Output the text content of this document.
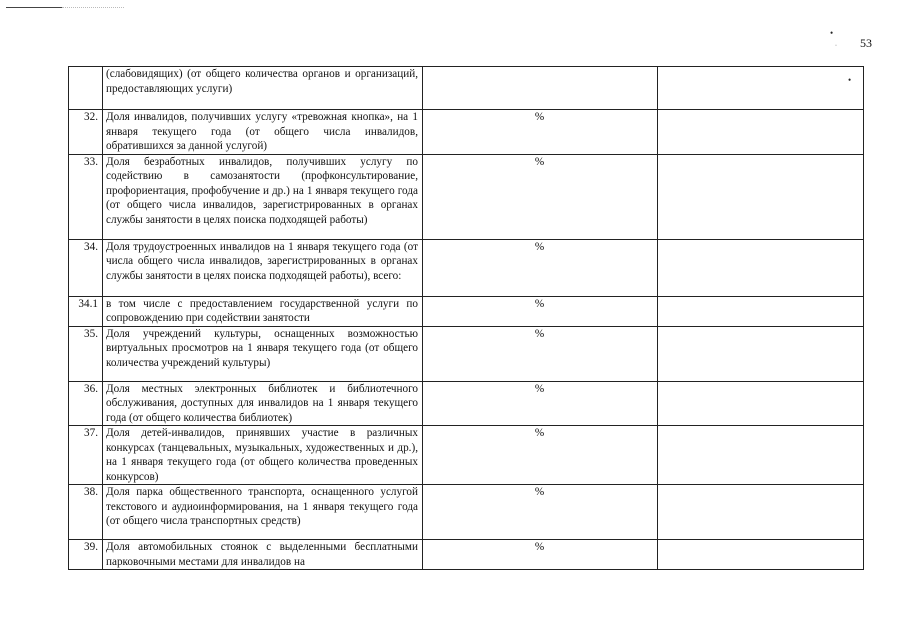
53
•
·
•
	(слабовидящих) (от общего количества органов и организаций, предоставляющих услуги)		
32.	Доля инвалидов, получивших услугу «тревожная кнопка», на 1 января текущего года (от общего числа инвалидов, обратившихся за данной услугой)	%	
33.	Доля безработных инвалидов, получивших услугу по содействию в самозанятости (профконсультирование, профориентация, профобучение и др.) на 1 января текущего года (от общего числа инвалидов, зарегистрированных в органах службы занятости в целях поиска подходящей работы)	%	
34.	Доля трудоустроенных инвалидов на 1 января текущего года (от числа общего числа инвалидов, зарегистрированных в органах службы занятости в целях поиска подходящей работы), всего:	%	
34.1	в том числе с предоставлением государственной услуги по сопровождению при содействии занятости	%	
35.	Доля учреждений культуры, оснащенных возможностью виртуальных просмотров на 1 января текущего года (от общего количества учреждений культуры)	%	
36.	Доля местных электронных библиотек и библиотечного обслуживания, доступных для инвалидов на 1 января текущего года (от общего количества библиотек)	%	
37.	Доля детей-инвалидов, принявших участие в различных конкурсах (танцевальных, музыкальных, художественных и др.), на 1 января текущего года (от общего количества проведенных конкурсов)	%	
38.	Доля парка общественного транспорта, оснащенного услугой текстового и аудиоинформирования, на 1 января текущего года (от общего числа транспортных средств)	%	
39.	Доля автомобильных стоянок с выделенными бесплатными парковочными местами для инвалидов на	%	
